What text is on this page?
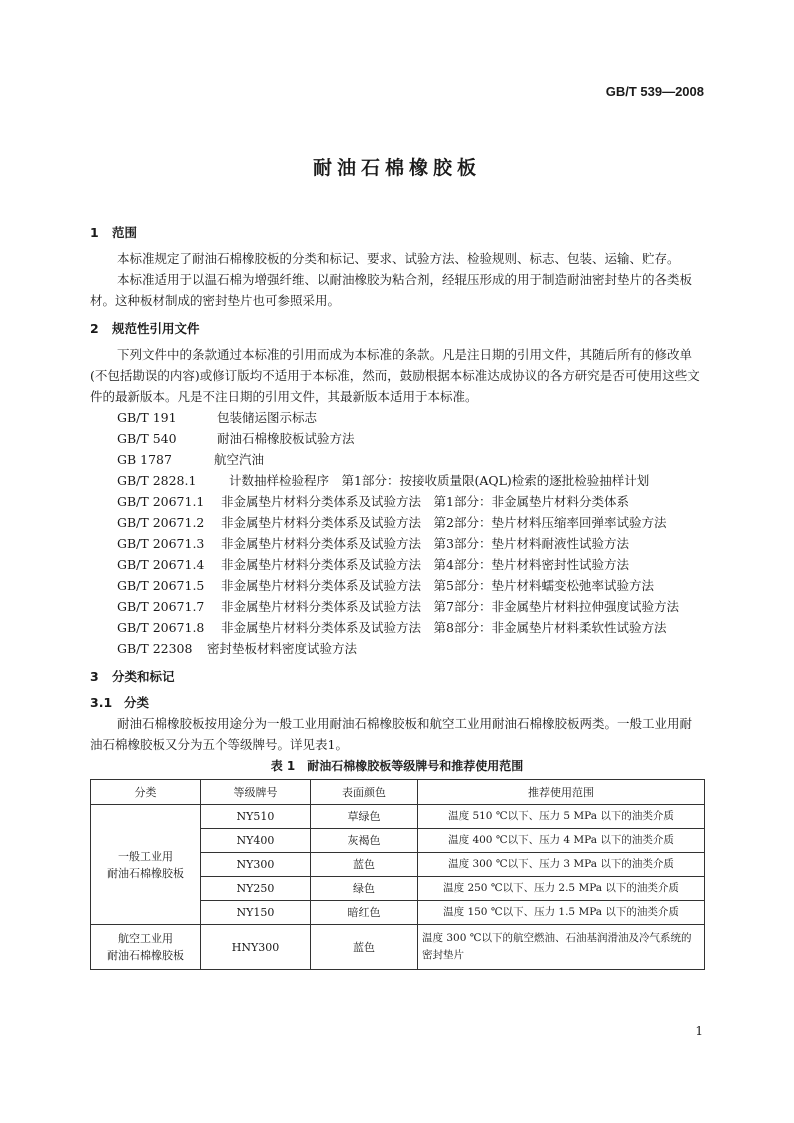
GB/T 539—2008
耐油石棉橡胶板
1 范围

本标准规定了耐油石棉橡胶板的分类和标记、要求、试验方法、检验规则、标志、包装、运输、贮存。

本标准适用于以温石棉为增强纤维、以耐油橡胶为粘合剂，经辊压形成的用于制造耐油密封垫片的各类板材。这种板材制成的密封垫片也可参照采用。

2 规范性引用文件

下列文件中的条款通过本标准的引用而成为本标准的条款。凡是注日期的引用文件，其随后所有的修改单(不包括勘误的内容)或修订版均不适用于本标准，然而，鼓励根据本标准达成协议的各方研究是否可使用这些文件的最新版本。凡是不注日期的引用文件，其最新版本适用于本标准。

GB/T 191	包装储运图示标志

GB/T 540	耐油石棉橡胶板试验方法

GB 1787	航空汽油

GB/T 2828.1	计数抽样检验程序　第1部分：按接收质量限(AQL)检索的逐批检验抽样计划

GB/T 20671.1 非金属垫片材料分类体系及试验方法　第1部分：非金属垫片材料分类体系

GB/T 20671.2 非金属垫片材料分类体系及试验方法　第2部分：垫片材料压缩率回弹率试验方法

GB/T 20671.3 非金属垫片材料分类体系及试验方法　第3部分：垫片材料耐液性试验方法

GB/T 20671.4 非金属垫片材料分类体系及试验方法　第4部分：垫片材料密封性试验方法

GB/T 20671.5 非金属垫片材料分类体系及试验方法　第5部分：垫片材料蠕变松弛率试验方法

GB/T 20671.7 非金属垫片材料分类体系及试验方法　第7部分：非金属垫片材料拉伸强度试验方法

GB/T 20671.8 非金属垫片材料分类体系及试验方法　第8部分：非金属垫片材料柔软性试验方法

GB/T 22308 密封垫板材料密度试验方法

3 分类和标记
3.1 分类

耐油石棉橡胶板按用途分为一般工业用耐油石棉橡胶板和航空工业用耐油石棉橡胶板两类。一般工业用耐油石棉橡胶板又分为五个等级牌号。详见表1。

表 1　耐油石棉橡胶板等级牌号和推荐使用范围
分类	等级牌号	表面颜色	推荐使用范围

一般工业用
耐油石棉橡胶板	NY510	草绿色	温度 510 ℃以下、压力 5 MPa 以下的油类介质
	NY400	灰褐色	温度 400 ℃以下、压力 4 MPa 以下的油类介质
	NY300	蓝色	温度 300 ℃以下、压力 3 MPa 以下的油类介质
	NY250	绿色	温度 250 ℃以下、压力 2.5 MPa 以下的油类介质
	NY150	暗红色	温度 150 ℃以下、压力 1.5 MPa 以下的油类介质

航空工业用
耐油石棉橡胶板	HNY300	蓝色	温度 300 ℃以下的航空燃油、石油基润滑油及冷气系统的密封垫片
1
